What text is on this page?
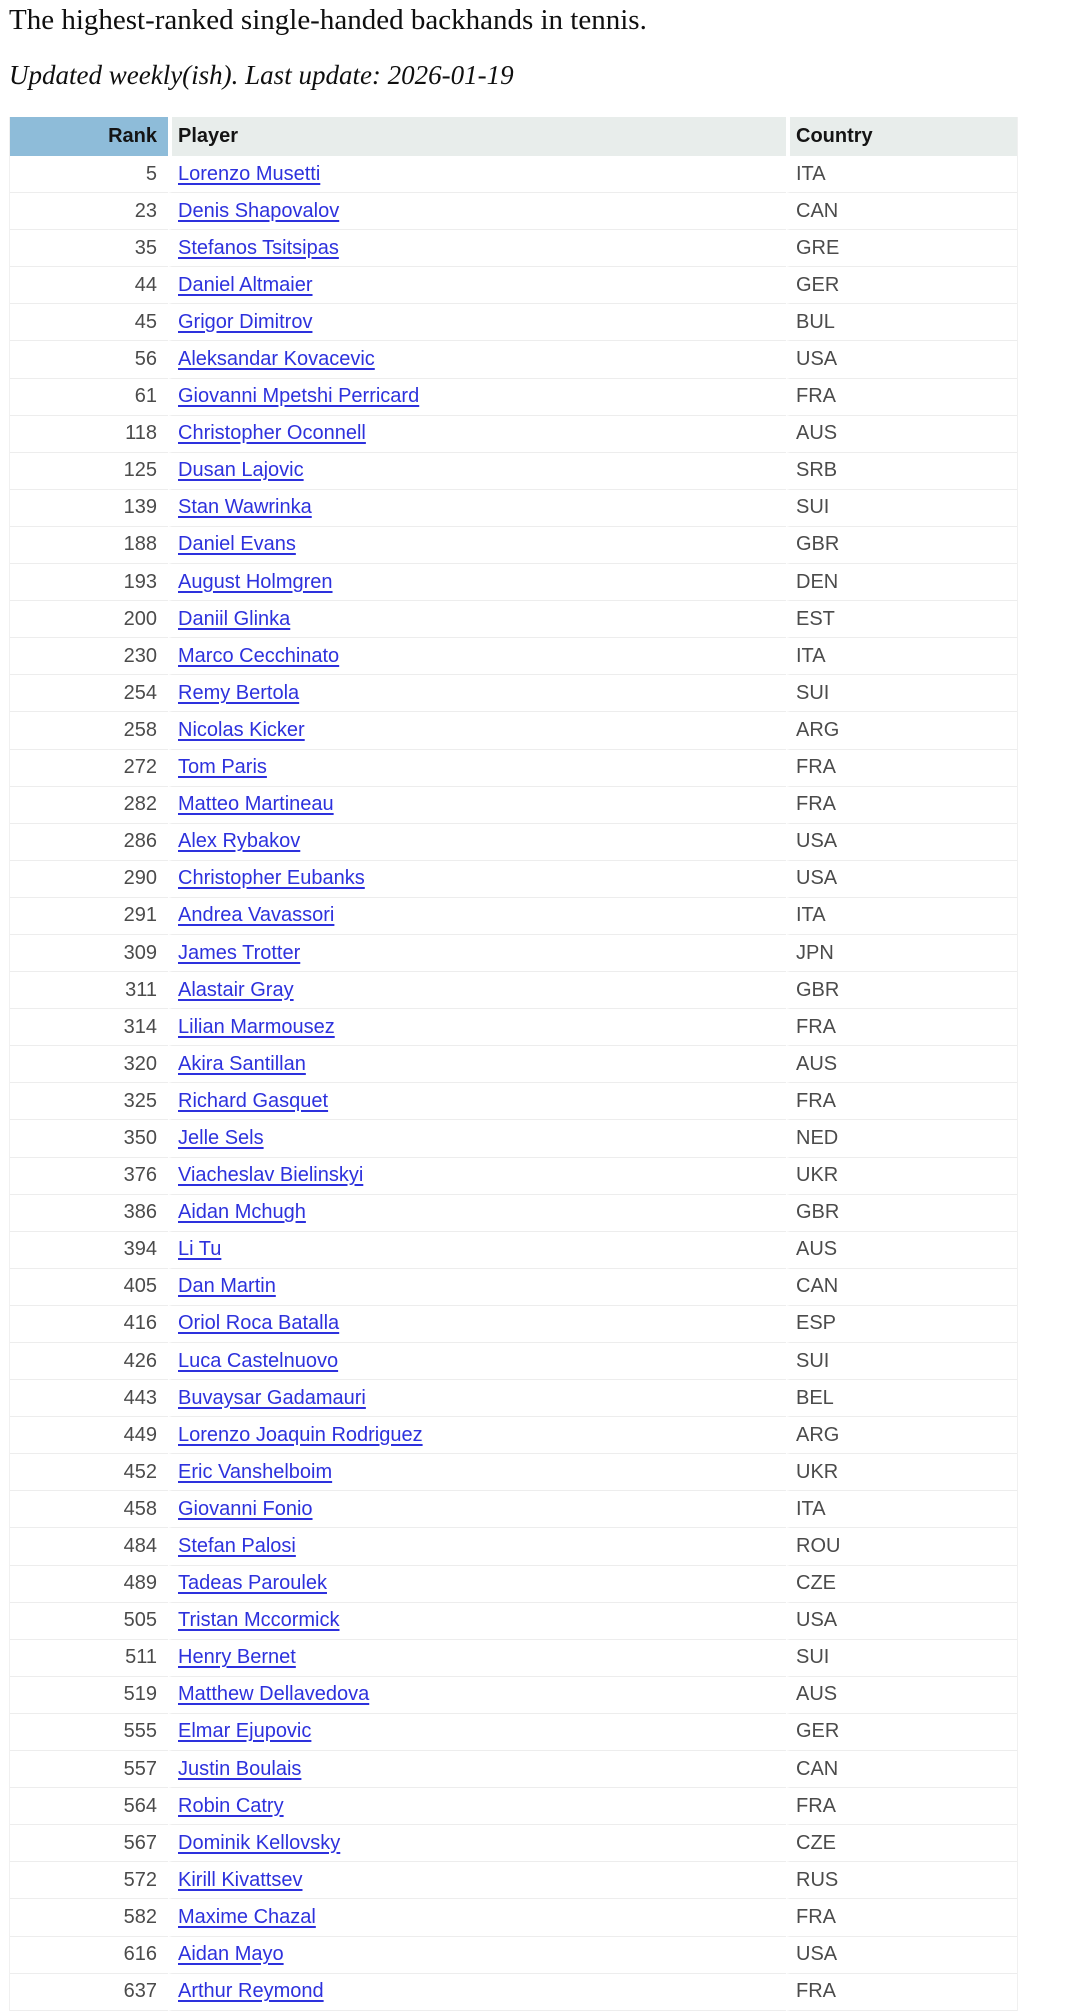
The highest-ranked single-handed backhands in tennis.

Updated weekly(ish). Last update: 2026-01-19

Rank	Player	Country
5	Lorenzo Musetti	ITA
23	Denis Shapovalov	CAN
35	Stefanos Tsitsipas	GRE
44	Daniel Altmaier	GER
45	Grigor Dimitrov	BUL
56	Aleksandar Kovacevic	USA
61	Giovanni Mpetshi Perricard	FRA
118	Christopher Oconnell	AUS
125	Dusan Lajovic	SRB
139	Stan Wawrinka	SUI
188	Daniel Evans	GBR
193	August Holmgren	DEN
200	Daniil Glinka	EST
230	Marco Cecchinato	ITA
254	Remy Bertola	SUI
258	Nicolas Kicker	ARG
272	Tom Paris	FRA
282	Matteo Martineau	FRA
286	Alex Rybakov	USA
290	Christopher Eubanks	USA
291	Andrea Vavassori	ITA
309	James Trotter	JPN
311	Alastair Gray	GBR
314	Lilian Marmousez	FRA
320	Akira Santillan	AUS
325	Richard Gasquet	FRA
350	Jelle Sels	NED
376	Viacheslav Bielinskyi	UKR
386	Aidan Mchugh	GBR
394	Li Tu	AUS
405	Dan Martin	CAN
416	Oriol Roca Batalla	ESP
426	Luca Castelnuovo	SUI
443	Buvaysar Gadamauri	BEL
449	Lorenzo Joaquin Rodriguez	ARG
452	Eric Vanshelboim	UKR
458	Giovanni Fonio	ITA
484	Stefan Palosi	ROU
489	Tadeas Paroulek	CZE
505	Tristan Mccormick	USA
511	Henry Bernet	SUI
519	Matthew Dellavedova	AUS
555	Elmar Ejupovic	GER
557	Justin Boulais	CAN
564	Robin Catry	FRA
567	Dominik Kellovsky	CZE
572	Kirill Kivattsev	RUS
582	Maxime Chazal	FRA
616	Aidan Mayo	USA
637	Arthur Reymond	FRA
